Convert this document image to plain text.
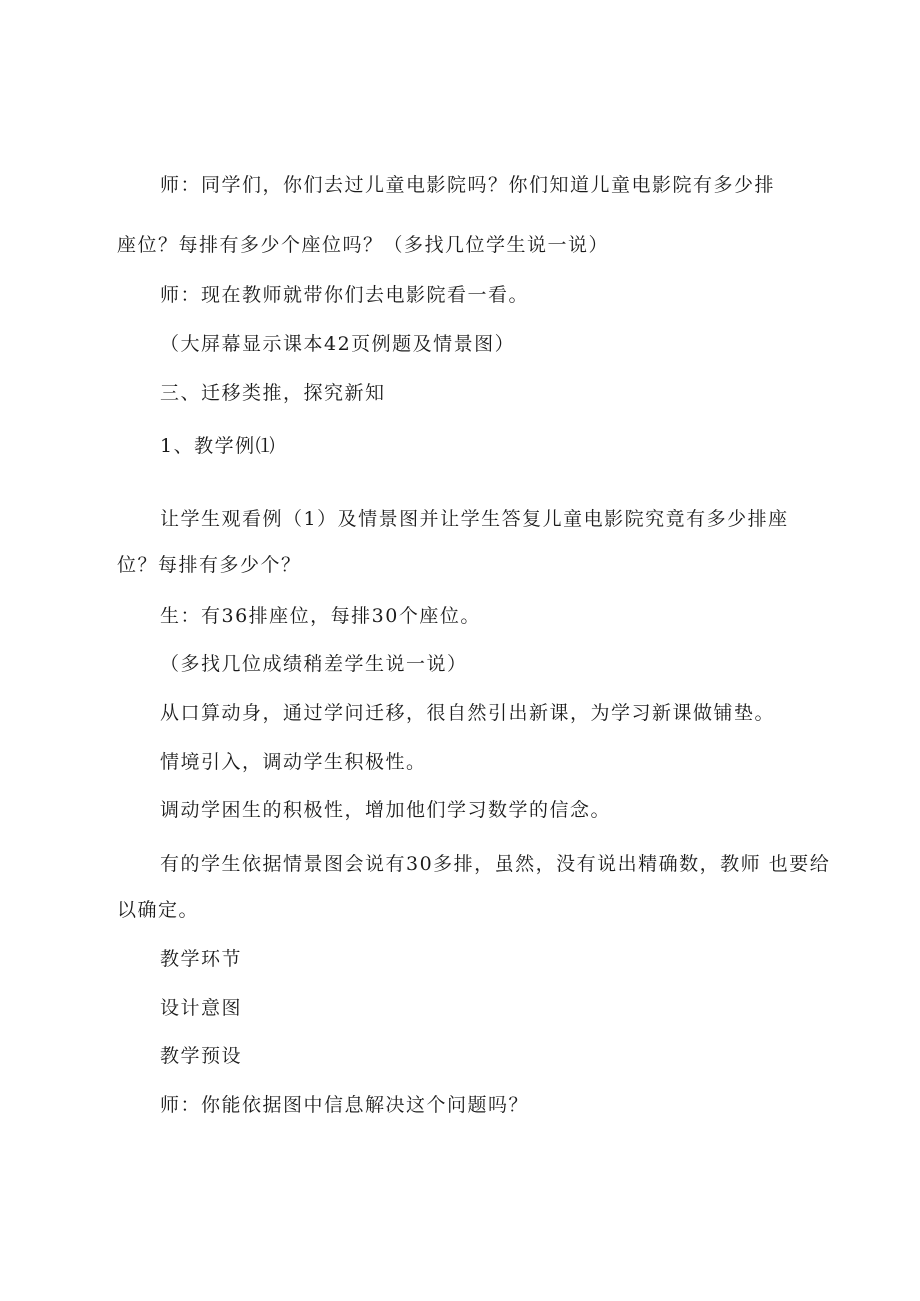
师：同学们，你们去过儿童电影院吗？你们知道儿童电影院有多少排
座位？每排有多少个座位吗？（多找几位学生说一说）
师：现在教师就带你们去电影院看一看。
（大屏幕显示课本42页例题及情景图）
三、迁移类推，探究新知
1、教学例⑴
让学生观看例（1）及情景图并让学生答复儿童电影院究竟有多少排座
位？每排有多少个？
生：有36排座位，每排30个座位。
（多找几位成绩稍差学生说一说）
从口算动身，通过学问迁移，很自然引出新课，为学习新课做铺垫。
情境引入，调动学生积极性。
调动学困生的积极性，增加他们学习数学的信念。
有的学生依据情景图会说有30多排，虽然，没有说出精确数，教师 也要给
以确定。
教学环节
设计意图
教学预设
师：你能依据图中信息解决这个问题吗？
